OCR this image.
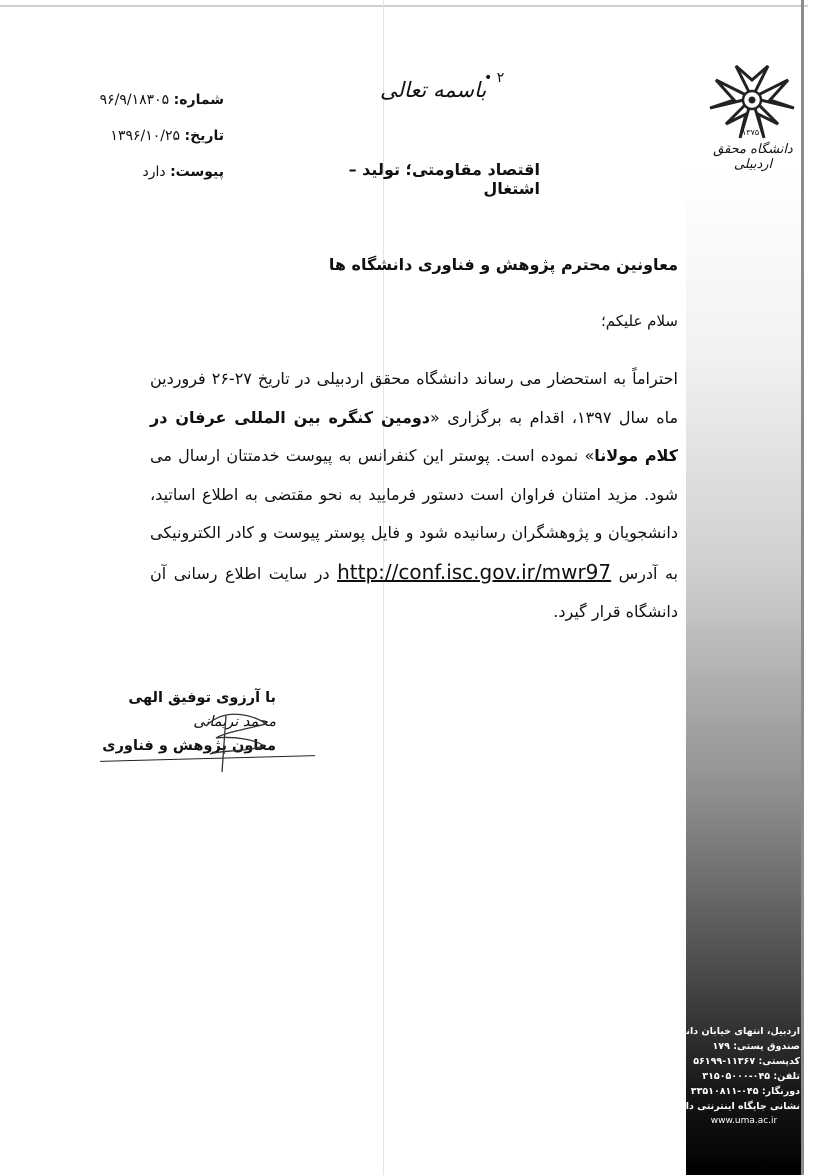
۱۳۷۵
دانشگاه محقق اردبیلی
• ۲
باسمه تعالی
شماره: ۹۶/۹/۱۸۳۰۵
تاریخ: ۱۳۹۶/۱۰/۲۵
پیوست: دارد	اقتصاد مقاومتی؛ تولید – اشتغال
معاونین محترم پژوهش و فناوری دانشگاه ها
سلام علیکم؛
احتراماً به استحضار می رساند دانشگاه محقق اردبیلی در تاریخ ۲۷-۲۶ فروردین ماه سال ۱۳۹۷، اقدام به برگزاری «دومین کنگره بین المللی عرفان در کلام مولانا» نموده است. پوستر این کنفرانس به پیوست خدمتتان ارسال می شود. مزید امتنان فراوان است دستور فرمایید به نحو مقتضی به اطلاع اساتید، دانشجویان و پژوهشگران رسانیده شود و فایل پوستر پیوست و کادر الکترونیکی به آدرس http://conf.isc.gov.ir/mwr97 در سایت اطلاع رسانی آن دانشگاه قرار گیرد.
با آرزوی توفیق الهی
محمد نریمانی
معاون پژوهش و فناوری
اردبیل، انتهای خیابان دانشگاه
صندوق پستی: ۱۷۹
کدپستی: ۱۱۳۶۷-۵۶۱۹۹
تلفن: ۰۴۵-۳۱۵۰۵۰۰۰
دورنگار: ۰۴۵-۳۳۵۱۰۸۱۱
نشانی جایگاه اینترنتی دانشگاه
www.uma.ac.ir
